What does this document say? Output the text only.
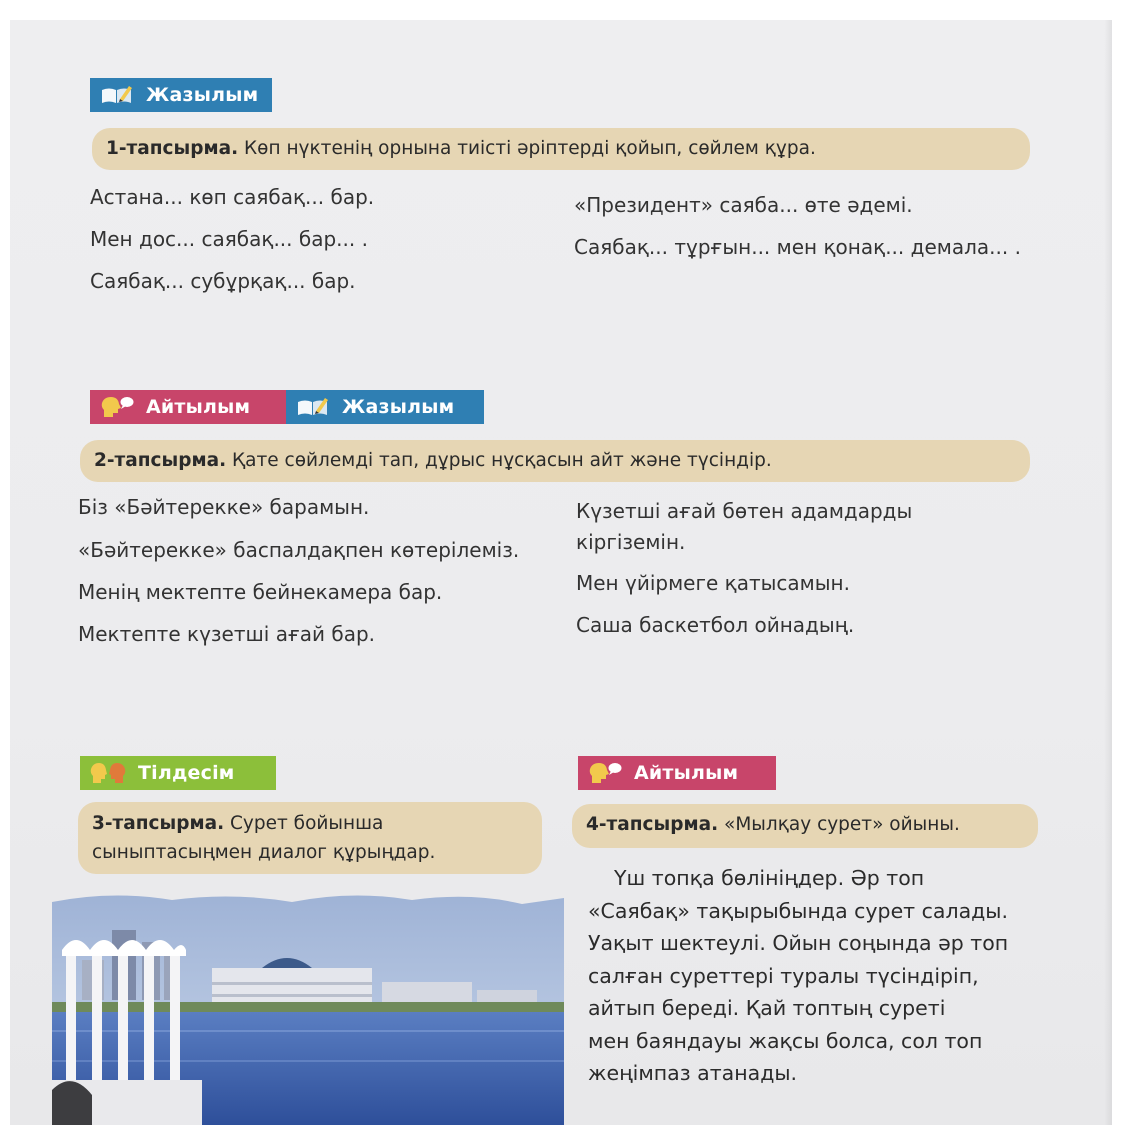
Жазылым
1-тапсырма. Көп нүктенің орнына тиісті әріптерді қойып, сөйлем құра.
Астана... көп саябақ... бар.
Мен дос... саябақ... бар... .
Саябақ... субұрқақ... бар.
«Президент» саяба... өте әдемі.
Саябақ... тұрғын... мен қонақ... демала... .
Айтылым	Жазылым
2-тапсырма. Қате сөйлемді тап, дұрыс нұсқасын айт және түсіндір.
Біз «Бәйтерекке» барамын.
«Бәйтерекке» баспалдақпен көтерілеміз.
Менің мектепте бейнекамера бар.
Мектепте күзетші ағай бар.
Күзетші ағай бөтен адамдарды
кіргіземін.
Мен үйірмеге қатысамын.
Саша баскетбол ойнадың.
Тілдесім
3-тапсырма. Сурет бойынша
сыныптасыңмен диалог құрыңдар.
Айтылым
4-тапсырма. «Мылқау сурет» ойыны.
Үш топқа бөлініңдер. Әр топ
«Саябақ» тақырыбында сурет салады.
Уақыт шектеулі. Ойын соңында әр топ
салған суреттері туралы түсіндіріп,
айтып береді. Қай топтың суреті
мен баяндауы жақсы болса, сол топ
жеңімпаз атанады.
